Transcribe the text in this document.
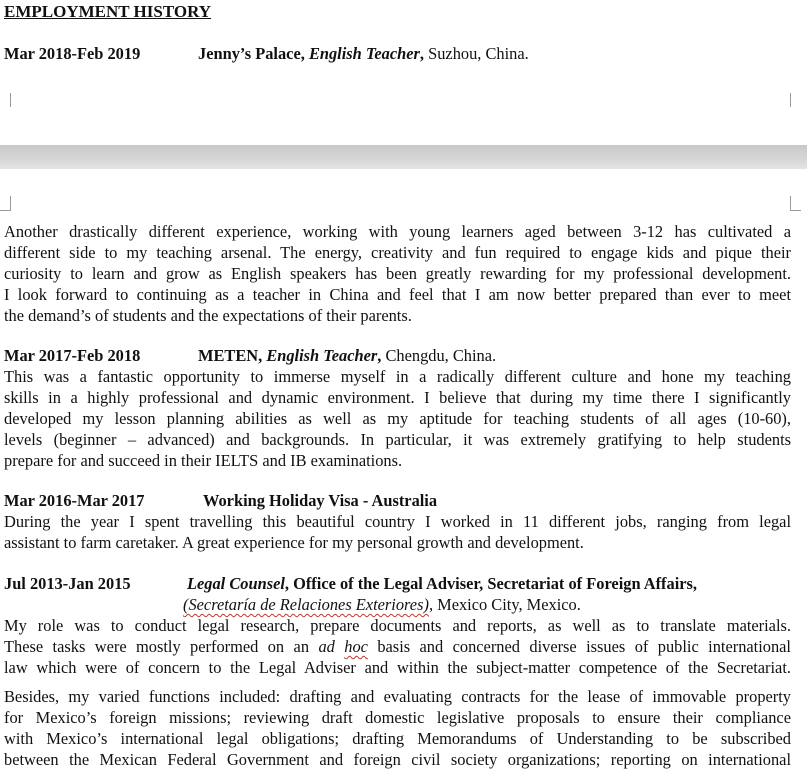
EMPLOYMENT HISTORY
Mar 2018-Feb 2019	Jenny’s Palace, English Teacher, Suzhou, China.
Another drastically different experience, working with young learners aged between 3-12 has cultivated a
different side to my teaching arsenal. The energy, creativity and fun required to engage kids and pique their
curiosity to learn and grow as English speakers has been greatly rewarding for my professional development.
I look forward to continuing as a teacher in China and feel that I am now better prepared than ever to meet
the demand’s of students and the expectations of their parents.
Mar 2017-Feb 2018	METEN, English Teacher, Chengdu, China.
This was a fantastic opportunity to immerse myself in a radically different culture and hone my teaching
skills in a highly professional and dynamic environment. I believe that during my time there I significantly
developed my lesson planning abilities as well as my aptitude for teaching students of all ages (10-60),
levels (beginner – advanced) and backgrounds. In particular, it was extremely gratifying to help students
prepare for and succeed in their IELTS and IB examinations.
Mar 2016-Mar 2017	Working Holiday Visa - Australia
During the year I spent travelling this beautiful country I worked in 11 different jobs, ranging from legal
assistant to farm caretaker. A great experience for my personal growth and development.
Jul 2013-Jan 2015	Legal Counsel, Office of the Legal Adviser, Secretariat of Foreign Affairs,
(Secretaría de Relaciones Exteriores), Mexico City, Mexico.
My role was to conduct legal research, prepare documents and reports, as well as to translate materials.
These tasks were mostly performed on an ad hoc basis and concerned diverse issues of public international
law which were of concern to the Legal Adviser and within the subject-matter competence of the Secretariat.
Besides, my varied functions included: drafting and evaluating contracts for the lease of immovable property
for Mexico’s foreign missions; reviewing draft domestic legislative proposals to ensure their compliance
with Mexico’s international legal obligations; drafting Memorandums of Understanding to be subscribed
between the Mexican Federal Government and foreign civil society organizations; reporting on international
